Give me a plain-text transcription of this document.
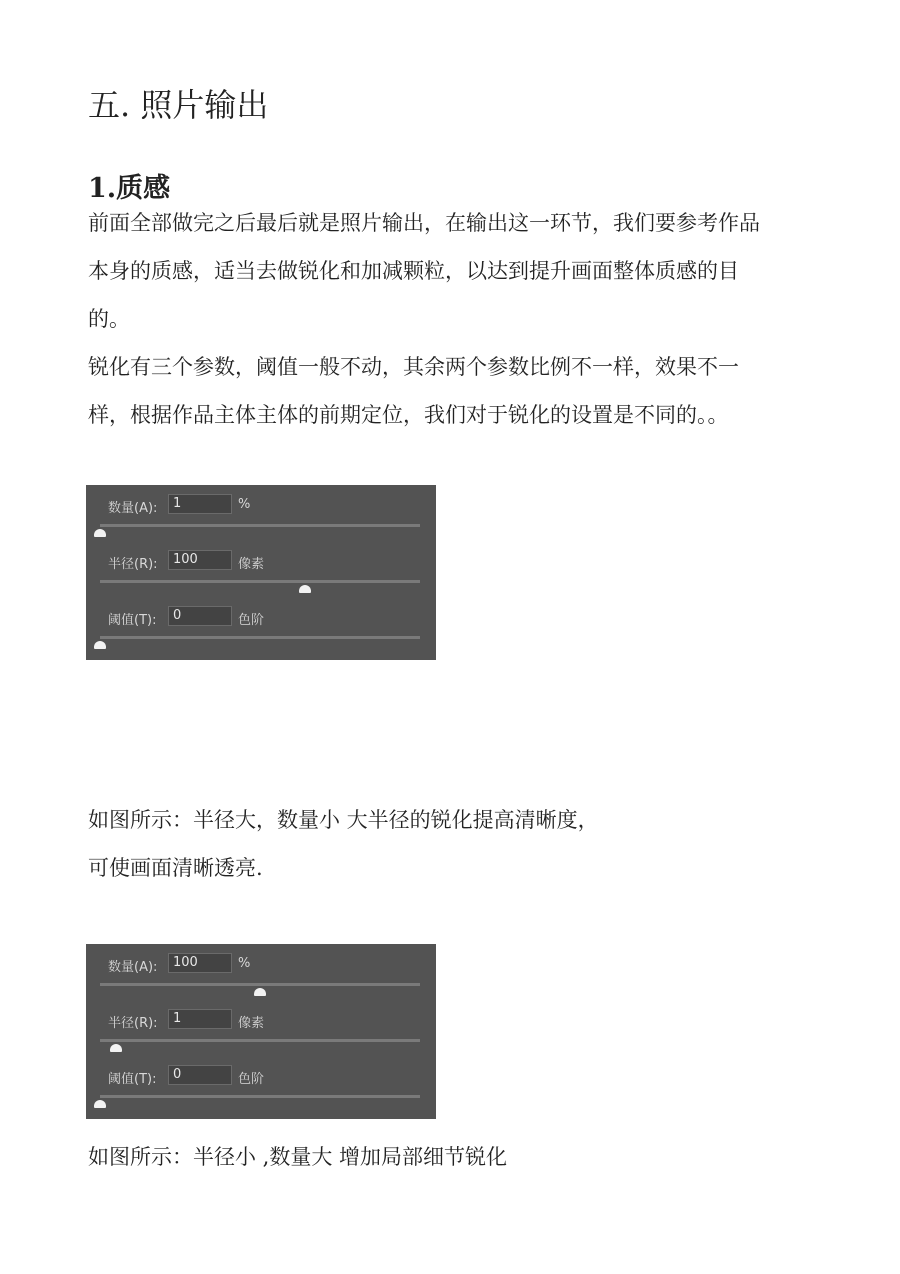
五. 照片输出
1.质感

前面全部做完之后最后就是照片输出，在输出这一环节，我们要参考作品

本身的质感，适当去做锐化和加减颗粒，以达到提升画面整体质感的目

的。

锐化有三个参数，阈值一般不动，其余两个参数比例不一样，效果不一

样，根据作品主体主体的前期定位，我们对于锐化的设置是不同的。。

数量(A):	1	%
半径(R):	100	像素
阈值(T):	0	色阶

如图所示：半径大，数量小 大半径的锐化提高清晰度，

可使画面清晰透亮.

数量(A):	100	%
半径(R):	1	像素
阈值(T):	0	色阶

如图所示：半径小 ,数量大 增加局部细节锐化
